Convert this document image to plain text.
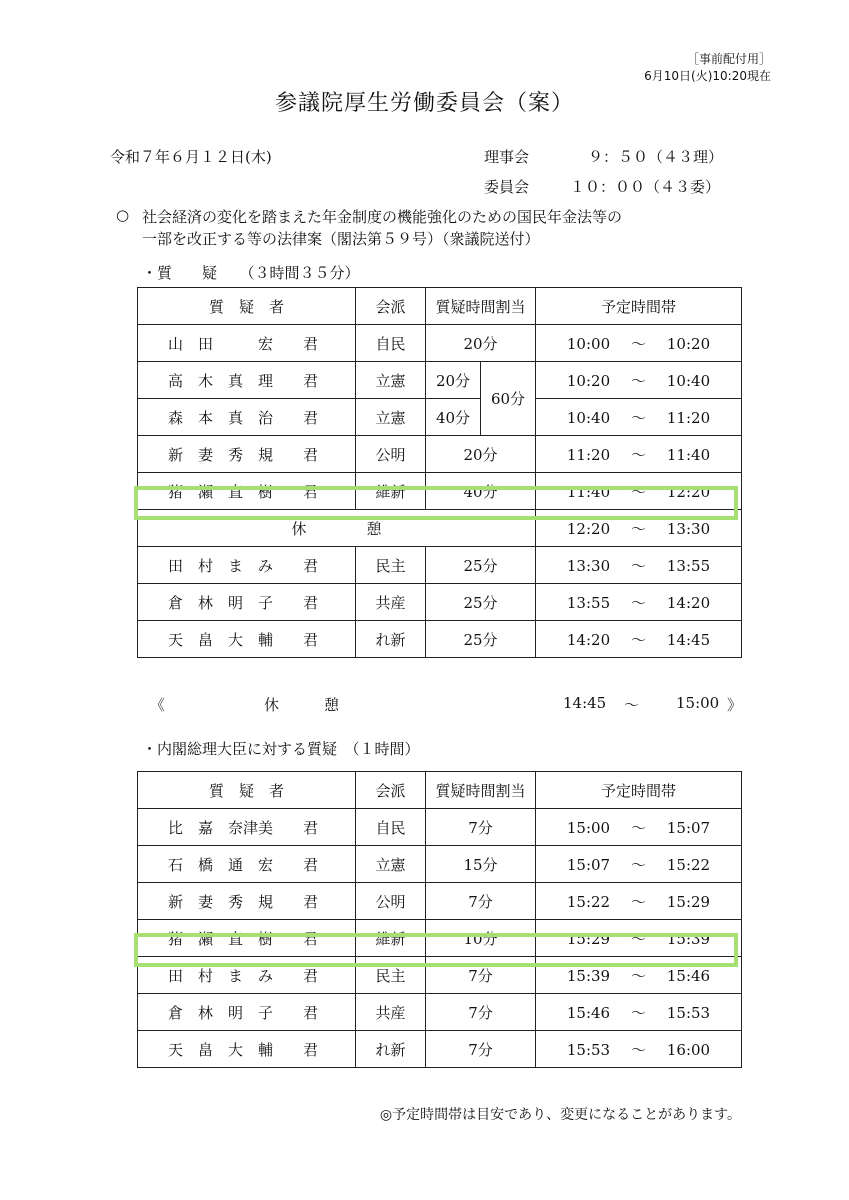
［事前配付用］
6月10日(火)10:20現在
参議院厚生労働委員会（案）
令和７年６月１２日(木)	理事会	９：５０（４３理）
委員会	１０：００（４３委）
○ 社会経済の変化を踏まえた年金制度の機能強化のための国民年金法等の
一部を改正する等の法律案（閣法第５９号）（衆議院送付）
・質　　疑　　（３時間３５分）
質　疑　者	会派	質疑時間割当		予定時間帯
山　田　　　宏　　君	自民	20分		10:00 ～ 10:20
高　木　真　理　　君	立憲	20分	60分	10:20 ～ 10:40
森　本　真　治　　君	立憲	40分		10:40 ～ 11:20
新　妻　秀　規　　君	公明	20分		11:20 ～ 11:40
猪　瀬　直　樹　　君	維新	40分		11:40 ～ 12:20
休　　　　憩				12:20 ～ 13:30
田　村　ま　み　　君	民主	25分		13:30 ～ 13:55
倉　林　明　子　　君	共産	25分		13:55 ～ 14:20
天　畠　大　輔　　君	れ新	25分		14:20 ～ 14:45
《	休　　　憩	14:45 ～ 15:00 》
・内閣総理大臣に対する質疑　（１時間）
質　疑　者	会派	質疑時間割当	予定時間帯
比　嘉　奈津美　　君	自民	7分	15:00 ～ 15:07
石　橋　通　宏　　君	立憲	15分	15:07 ～ 15:22
新　妻　秀　規　　君	公明	7分	15:22 ～ 15:29
猪　瀬　直　樹　　君	維新	10分	15:29 ～ 15:39
田　村　ま　み　　君	民主	7分	15:39 ～ 15:46
倉　林　明　子　　君	共産	7分	15:46 ～ 15:53
天　畠　大　輔　　君	れ新	7分	15:53 ～ 16:00
◎予定時間帯は目安であり、変更になることがあります。
